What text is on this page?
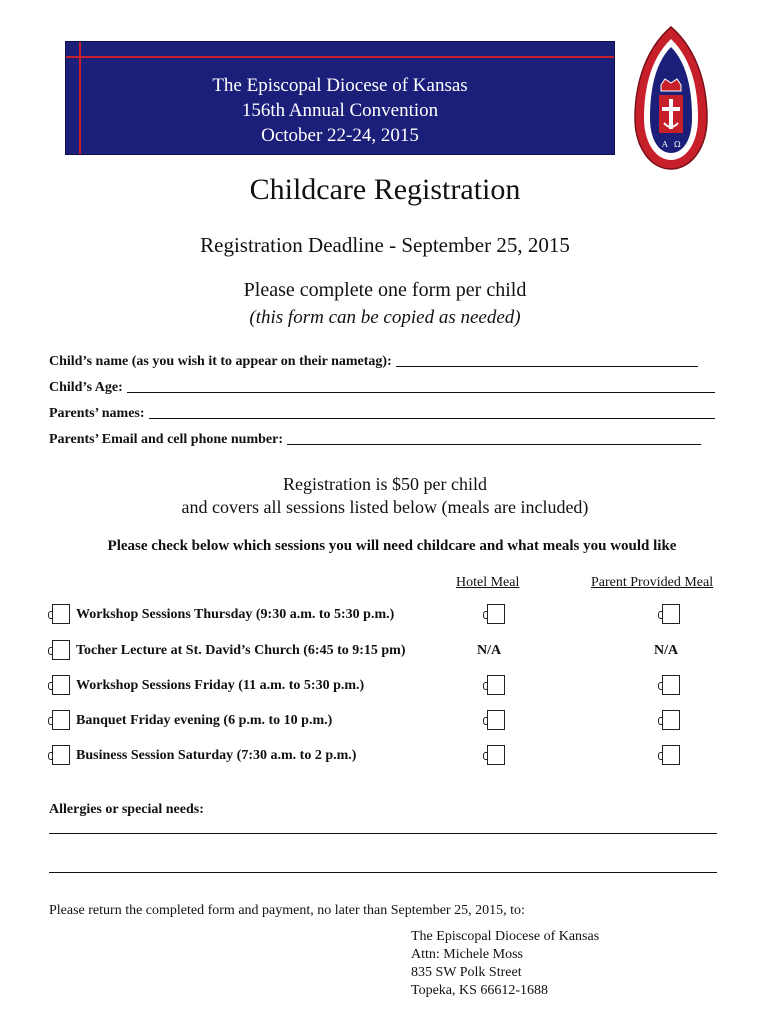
The Episcopal Diocese of Kansas
156th Annual Convention
October 22-24, 2015	A Ω
Childcare Registration
Registration Deadline - September 25, 2015
Please complete one form per child
(this form can be copied as needed)
Child’s name (as you wish it to appear on their nametag):
Child’s Age:
Parents’ names:
Parents’ Email and cell phone number:
Registration is $50 per child
and covers all sessions listed below (meals are included)
Please check below which sessions you will need childcare and what meals you would like
Hotel Meal	Parent Provided Meal
Workshop Sessions Thursday (9:30 a.m. to 5:30 p.m.)
Tocher Lecture at St. David’s Church (6:45 to 9:15 pm)	N/A	N/A
Workshop Sessions Friday (11 a.m. to 5:30 p.m.)
Banquet Friday evening (6 p.m. to 10 p.m.)
Business Session Saturday (7:30 a.m. to 2 p.m.)
Allergies or special needs:
Please return the completed form and payment, no later than September 25, 2015, to:
The Episcopal Diocese of Kansas
Attn: Michele Moss
835 SW Polk Street
Topeka, KS 66612-1688
